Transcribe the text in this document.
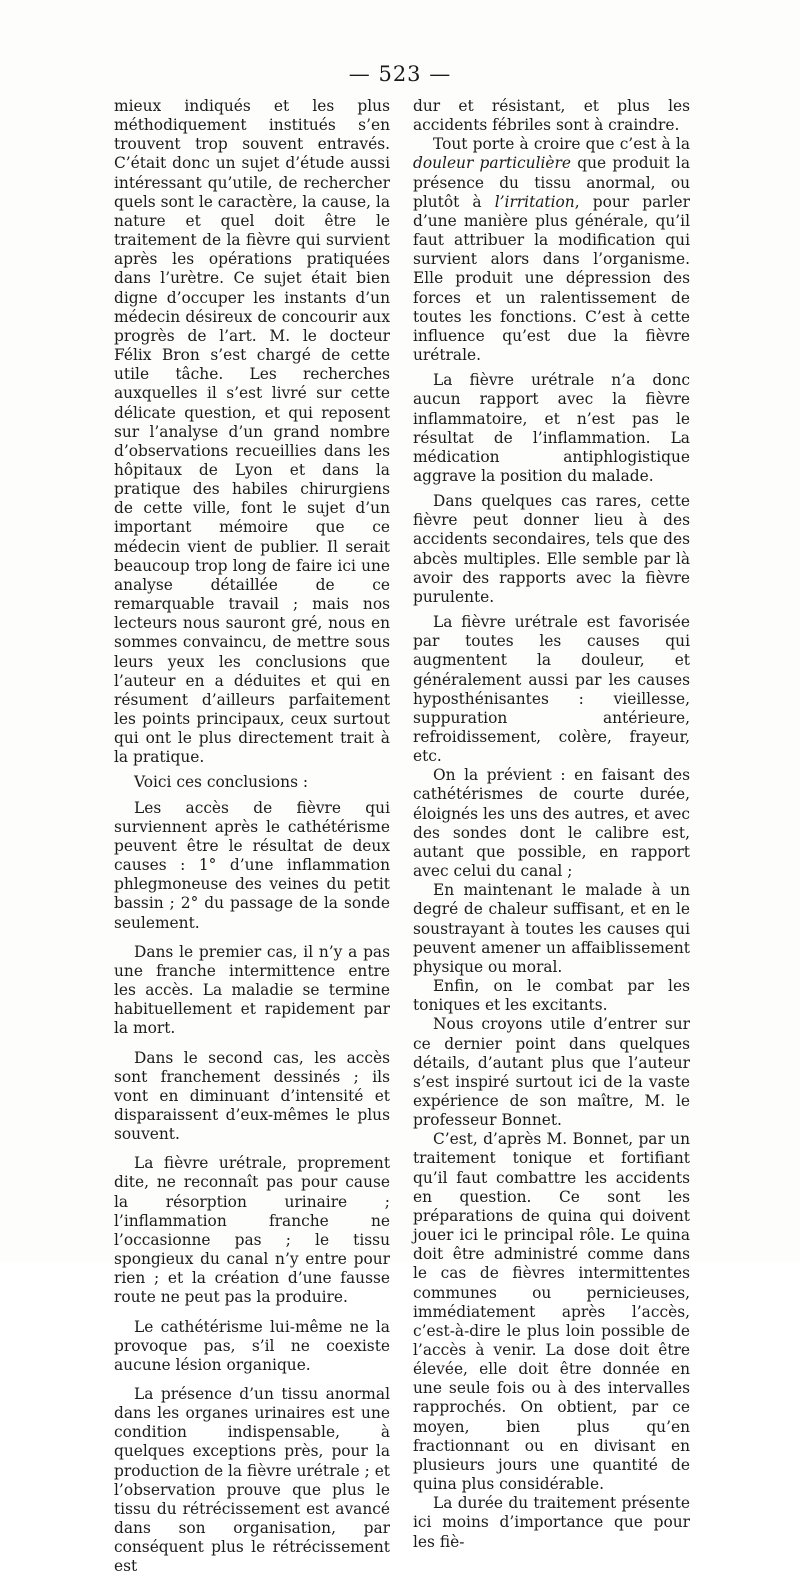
— 523 —

mieux indiqués et les plus méthodiquement institués s’en trouvent trop souvent entravés. C’était donc un sujet d’étude aussi intéressant qu’utile, de rechercher quels sont le caractère, la cause, la nature et quel doit être le traitement de la fièvre qui survient après les opérations pratiquées dans l’urètre. Ce sujet était bien digne d’occuper les instants d’un médecin désireux de concourir aux progrès de l’art. M. le docteur Félix Bron s’est chargé de cette utile tâche. Les recherches auxquelles il s’est livré sur cette délicate question, et qui reposent sur l’analyse d’un grand nombre d’observations recueillies dans les hôpitaux de Lyon et dans la pratique des habiles chirurgiens de cette ville, font le sujet d’un important mémoire que ce médecin vient de publier. Il serait beaucoup trop long de faire ici une analyse détaillée de ce remarquable travail ; mais nos lecteurs nous sauront gré, nous en sommes convaincu, de mettre sous leurs yeux les conclusions que l’auteur en a déduites et qui en résument d’ailleurs parfaitement les points principaux, ceux surtout qui ont le plus directement trait à la pratique.

Voici ces conclusions :

Les accès de fièvre qui surviennent après le cathétérisme peuvent être le résultat de deux causes : 1° d’une inflammation phlegmoneuse des veines du petit bassin ; 2° du passage de la sonde seulement.

Dans le premier cas, il n’y a pas une franche intermittence entre les accès. La maladie se termine habituellement et rapidement par la mort.

Dans le second cas, les accès sont franchement dessinés ; ils vont en diminuant d’intensité et disparaissent d’eux-mêmes le plus souvent.

La fièvre urétrale, proprement dite, ne reconnaît pas pour cause la résorption urinaire ; l’inflammation franche ne l’occasionne pas ; le tissu spongieux du canal n’y entre pour rien ; et la création d’une fausse route ne peut pas la produire.

Le cathétérisme lui-même ne la provoque pas, s’il ne coexiste aucune lésion organique.

La présence d’un tissu anormal dans les organes urinaires est une condition indispensable, à quelques exceptions près, pour la production de la fièvre urétrale ; et l’observation prouve que plus le tissu du rétrécissement est avancé dans son organisation, par conséquent plus le rétrécissement est

dur et résistant, et plus les accidents fébriles sont à craindre.

Tout porte à croire que c’est à la douleur particulière que produit la présence du tissu anormal, ou plutôt à l’irritation, pour parler d’une manière plus générale, qu’il faut attribuer la modification qui survient alors dans l’organisme. Elle produit une dépression des forces et un ralentissement de toutes les fonctions. C’est à cette influence qu’est due la fièvre urétrale.

La fièvre urétrale n’a donc aucun rapport avec la fièvre inflammatoire, et n’est pas le résultat de l’inflammation. La médication antiphlogistique aggrave la position du malade.

Dans quelques cas rares, cette fièvre peut donner lieu à des accidents secondaires, tels que des abcès multiples. Elle semble par là avoir des rapports avec la fièvre purulente.

La fièvre urétrale est favorisée par toutes les causes qui augmentent la douleur, et généralement aussi par les causes hyposthénisantes : vieillesse, suppuration antérieure, refroidissement, colère, frayeur, etc.

On la prévient : en faisant des cathétérismes de courte durée, éloignés les uns des autres, et avec des sondes dont le calibre est, autant que possible, en rapport avec celui du canal ;

En maintenant le malade à un degré de chaleur suffisant, et en le soustrayant à toutes les causes qui peuvent amener un affaiblissement physique ou moral.

Enfin, on le combat par les toniques et les excitants.

Nous croyons utile d’entrer sur ce dernier point dans quelques détails, d’autant plus que l’auteur s’est inspiré surtout ici de la vaste expérience de son maître, M. le professeur Bonnet.

C’est, d’après M. Bonnet, par un traitement tonique et fortifiant qu’il faut combattre les accidents en question. Ce sont les préparations de quina qui doivent jouer ici le principal rôle. Le quina doit être administré comme dans le cas de fièvres intermittentes communes ou pernicieuses, immédiatement après l’accès, c’est-à-dire le plus loin possible de l’accès à venir. La dose doit être élevée, elle doit être donnée en une seule fois ou à des intervalles rapprochés. On obtient, par ce moyen, bien plus qu’en fractionnant ou en divisant en plusieurs jours une quantité de quina plus considérable.

La durée du traitement présente ici moins d’importance que pour les fiè-
